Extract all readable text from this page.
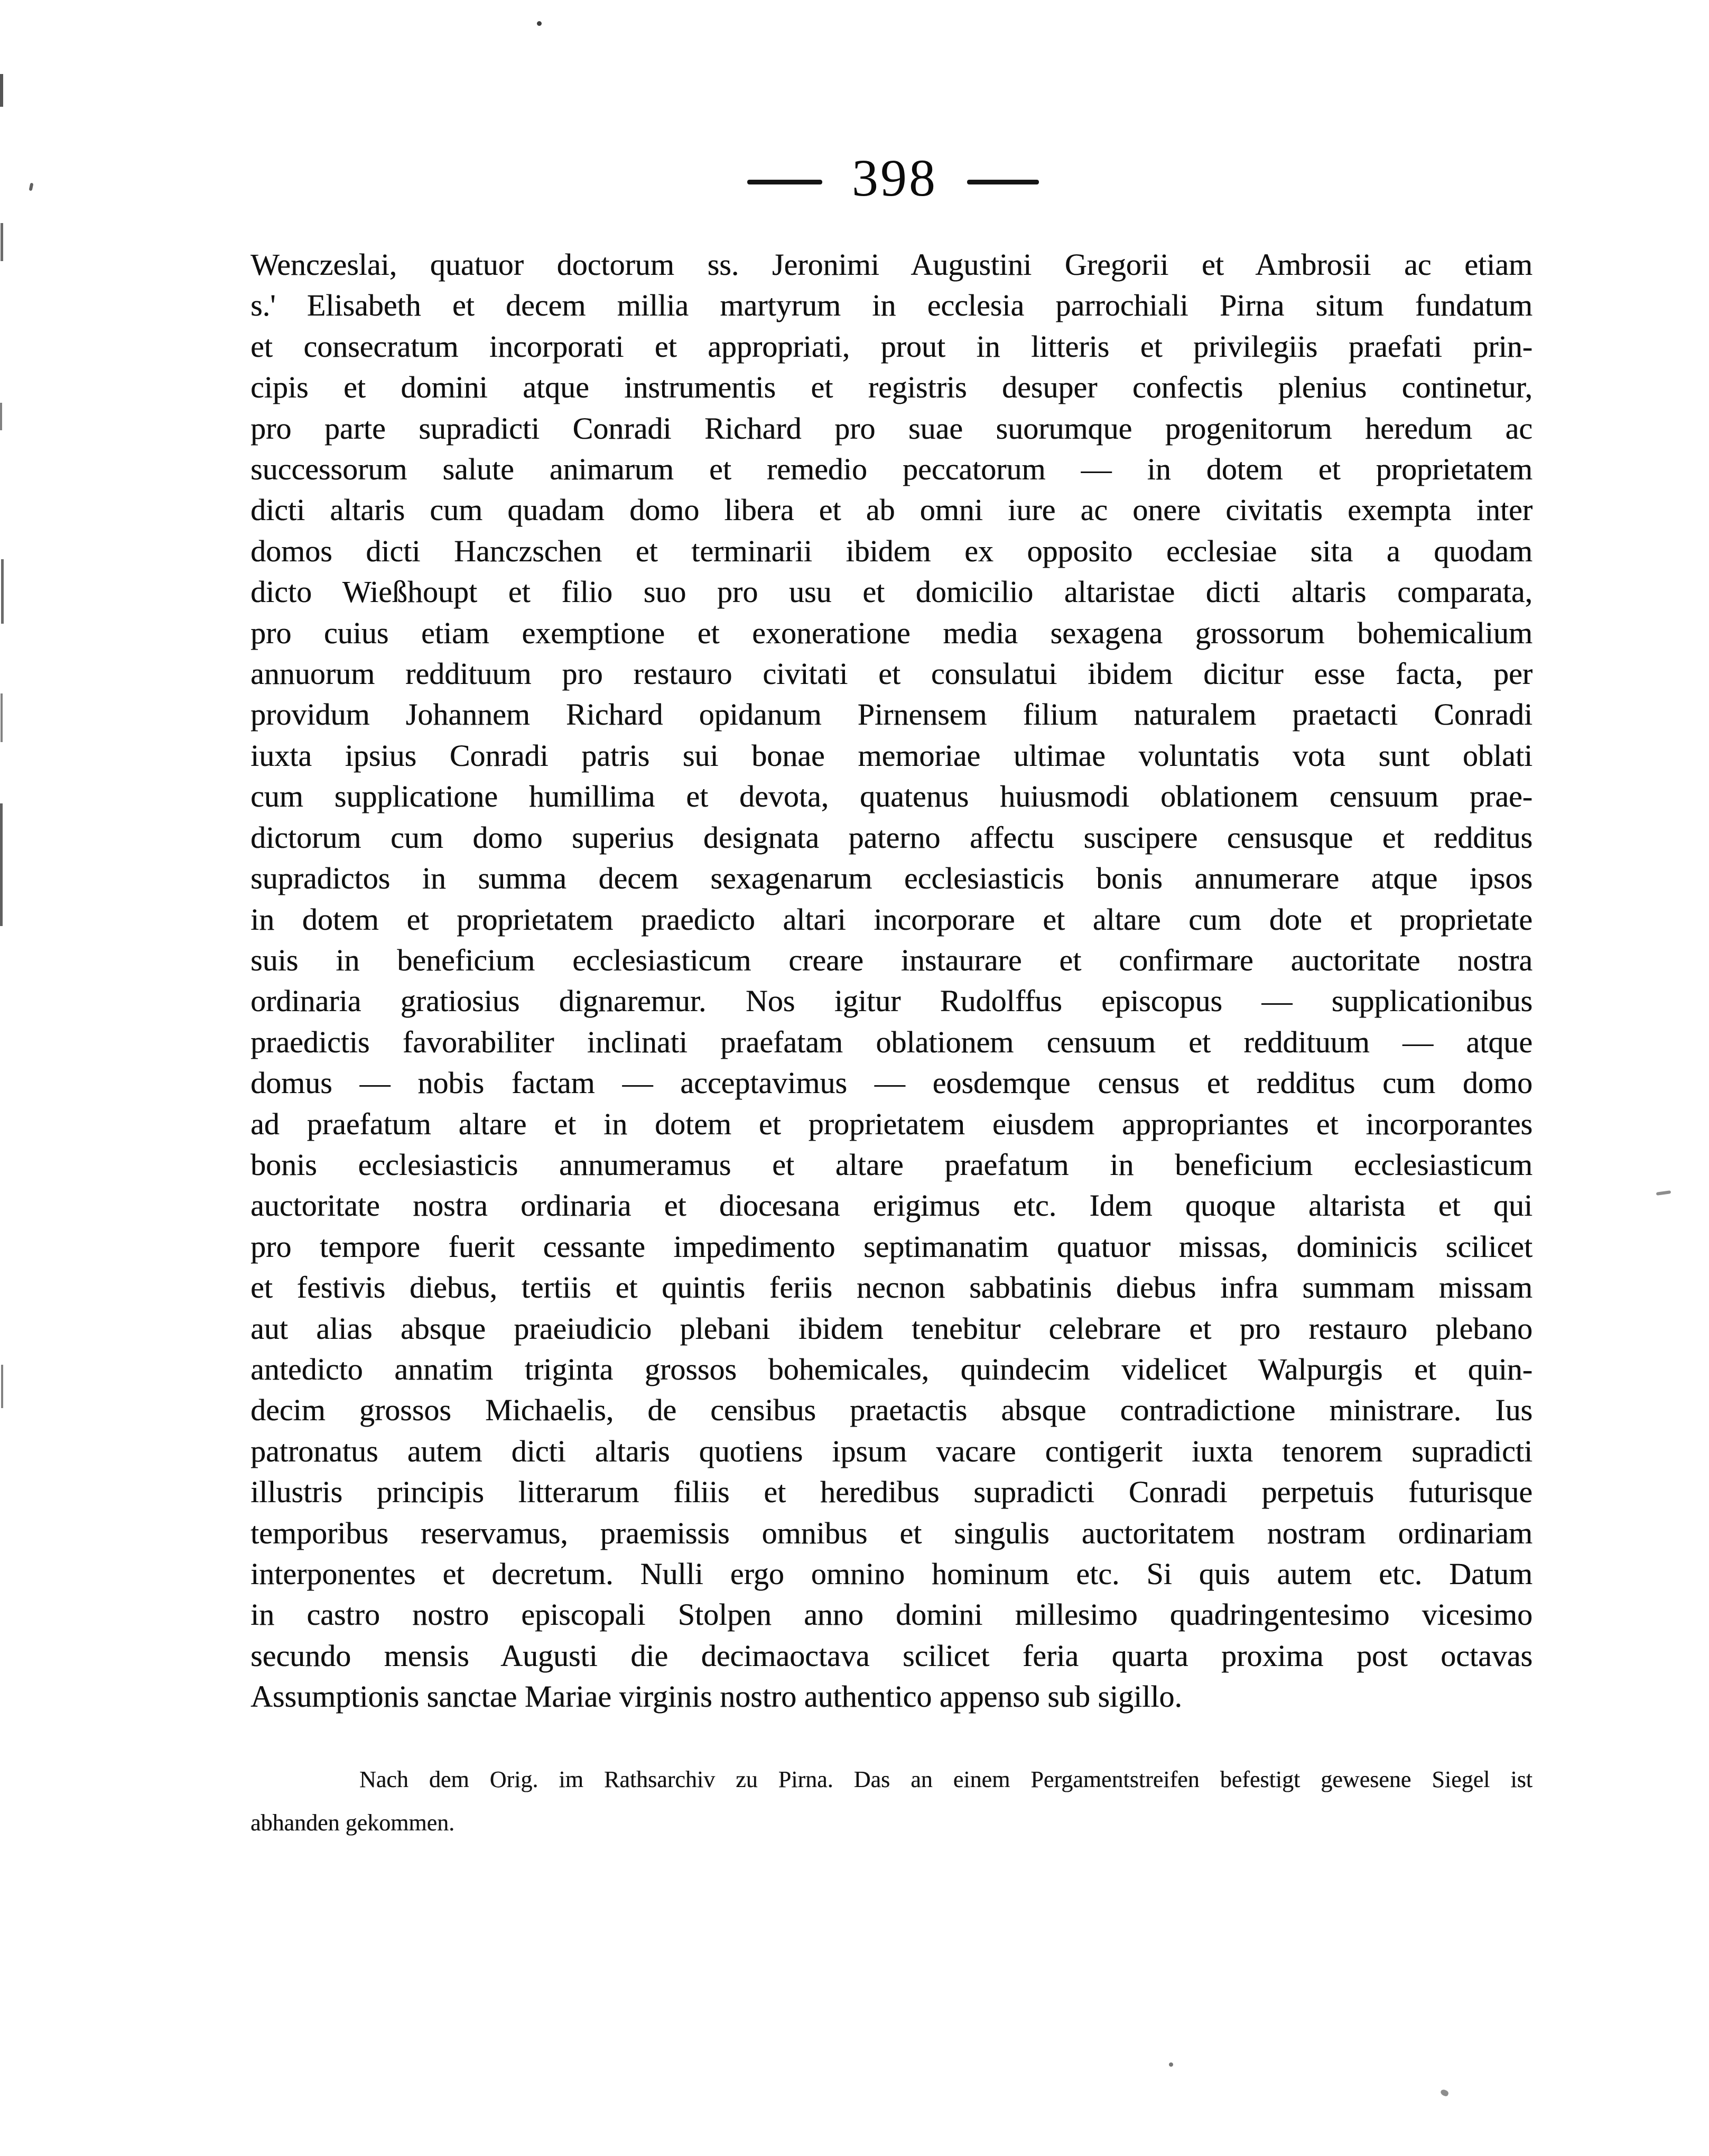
398
Wenczeslai, quatuor doctorum ss. Jeronimi Augustini Gregorii et Ambrosii ac etiam
s.' Elisabeth et decem millia martyrum in ecclesia parrochiali Pirna situm fundatum
et consecratum incorporati et appropriati, prout in litteris et privilegiis praefati prin-
cipis et domini atque instrumentis et registris desuper confectis plenius continetur,
pro parte supradicti Conradi Richard pro suae suorumque progenitorum heredum ac
successorum salute animarum et remedio peccatorum — in dotem et proprietatem
dicti altaris cum quadam domo libera et ab omni iure ac onere civitatis exempta inter
domos dicti Hanczschen et terminarii ibidem ex opposito ecclesiae sita a quodam
dicto Wießhoupt et filio suo pro usu et domicilio altaristae dicti altaris comparata,
pro cuius etiam exemptione et exoneratione media sexagena grossorum bohemicalium
annuorum reddituum pro restauro civitati et consulatui ibidem dicitur esse facta, per
providum Johannem Richard opidanum Pirnensem filium naturalem praetacti Conradi
iuxta ipsius Conradi patris sui bonae memoriae ultimae voluntatis vota sunt oblati
cum supplicatione humillima et devota, quatenus huiusmodi oblationem censuum prae-
dictorum cum domo superius designata paterno affectu suscipere censusque et redditus
supradictos in summa decem sexagenarum ecclesiasticis bonis annumerare atque ipsos
in dotem et proprietatem praedicto altari incorporare et altare cum dote et proprietate
suis in beneficium ecclesiasticum creare instaurare et confirmare auctoritate nostra
ordinaria gratiosius dignaremur. Nos igitur Rudolffus episcopus — supplicationibus
praedictis favorabiliter inclinati praefatam oblationem censuum et reddituum — atque
domus — nobis factam — acceptavimus — eosdemque census et redditus cum domo
ad praefatum altare et in dotem et proprietatem eiusdem appropriantes et incorporantes
bonis ecclesiasticis annumeramus et altare praefatum in beneficium ecclesiasticum
auctoritate nostra ordinaria et diocesana erigimus etc. Idem quoque altarista et qui
pro tempore fuerit cessante impedimento septimanatim quatuor missas, dominicis scilicet
et festivis diebus, tertiis et quintis feriis necnon sabbatinis diebus infra summam missam
aut alias absque praeiudicio plebani ibidem tenebitur celebrare et pro restauro plebano
antedicto annatim triginta grossos bohemicales, quindecim videlicet Walpurgis et quin-
decim grossos Michaelis, de censibus praetactis absque contradictione ministrare. Ius
patronatus autem dicti altaris quotiens ipsum vacare contigerit iuxta tenorem supradicti
illustris principis litterarum filiis et heredibus supradicti Conradi perpetuis futurisque
temporibus reservamus, praemissis omnibus et singulis auctoritatem nostram ordinariam
interponentes et decretum. Nulli ergo omnino hominum etc. Si quis autem etc. Datum
in castro nostro episcopali Stolpen anno domini millesimo quadringentesimo vicesimo
secundo mensis Augusti die decimaoctava scilicet feria quarta proxima post octavas
Assumptionis sanctae Mariae virginis nostro authentico appenso sub sigillo.
Nach dem Orig. im Rathsarchiv zu Pirna. Das an einem Pergamentstreifen befestigt gewesene Siegel ist
abhanden gekommen.
